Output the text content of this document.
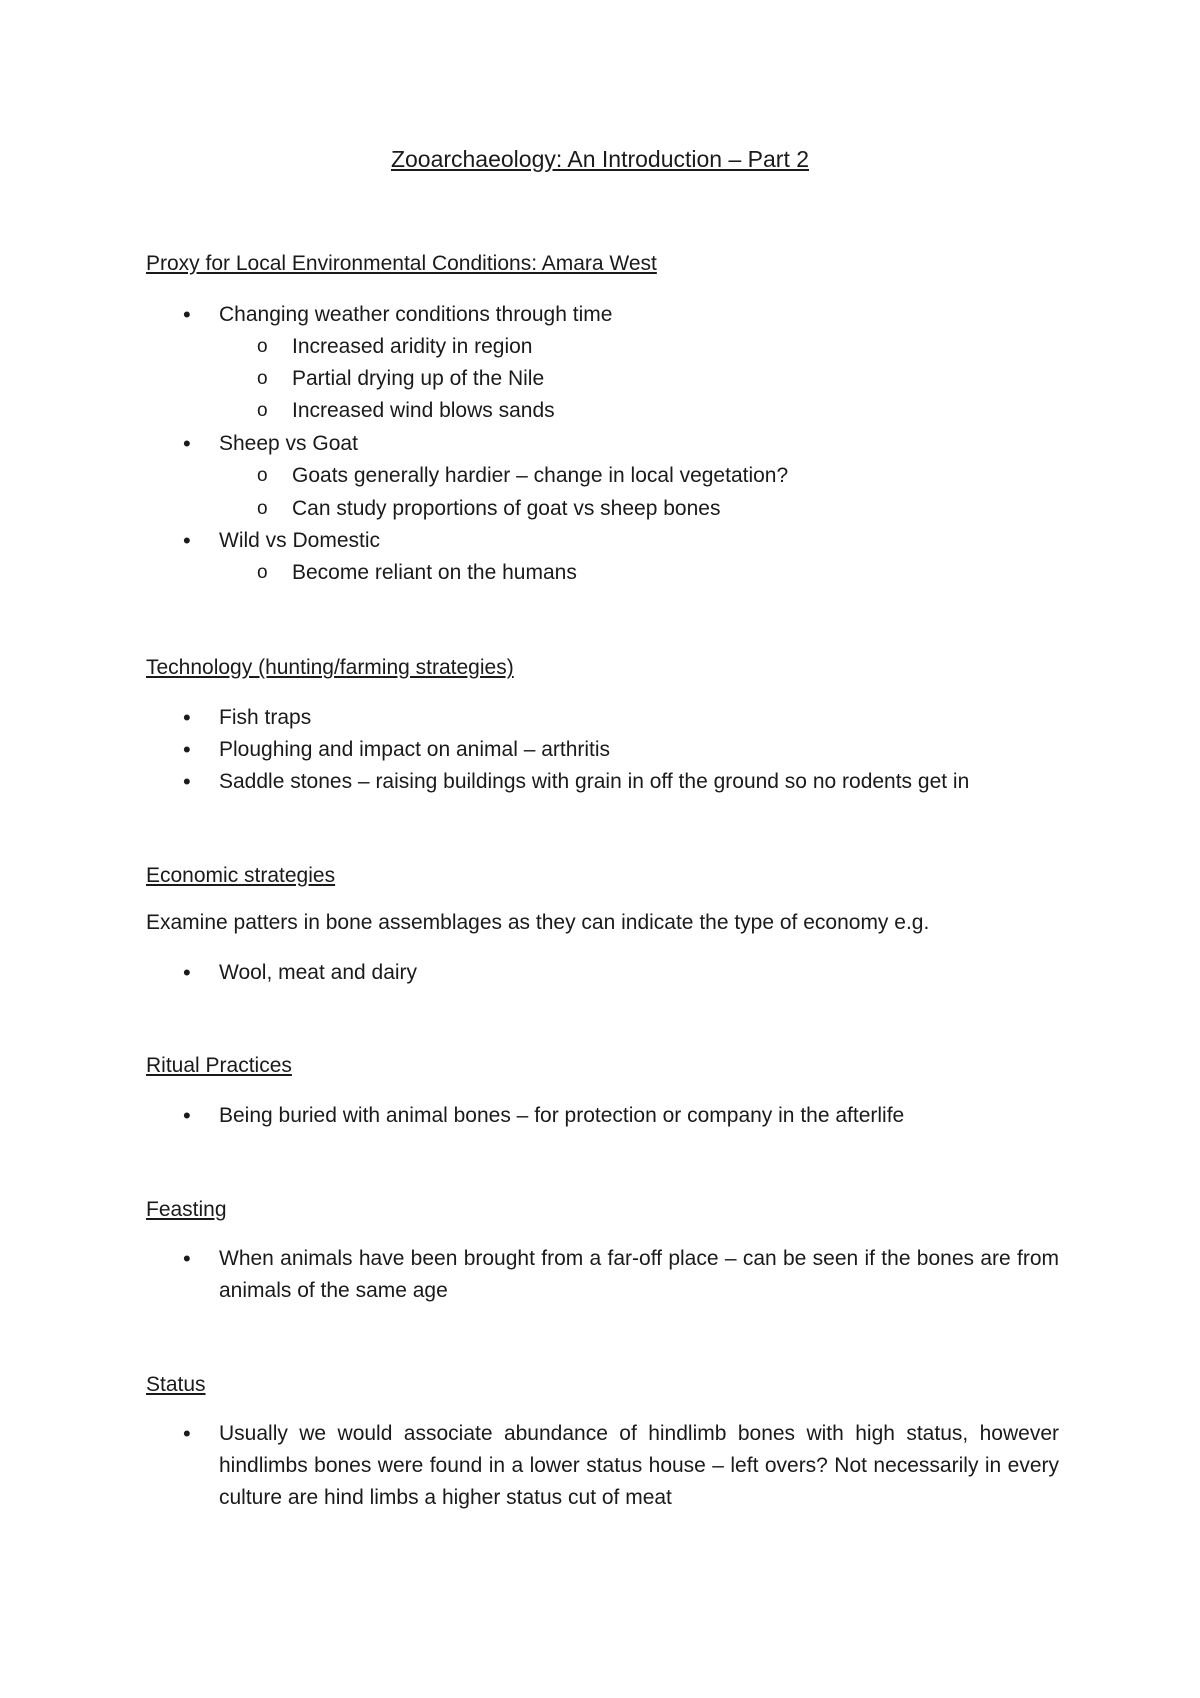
Zooarchaeology: An Introduction – Part 2
Proxy for Local Environmental Conditions: Amara West

• Changing weather conditions through time

o Increased aridity in region

o Partial drying up of the Nile

o Increased wind blows sands

• Sheep vs Goat

o Goats generally hardier – change in local vegetation?

o Can study proportions of goat vs sheep bones

• Wild vs Domestic

o Become reliant on the humans

Technology (hunting/farming strategies)

• Fish traps

• Ploughing and impact on animal – arthritis

• Saddle stones – raising buildings with grain in off the ground so no rodents get in

Economic strategies

Examine patters in bone assemblages as they can indicate the type of economy e.g.

• Wool, meat and dairy

Ritual Practices

• Being buried with animal bones – for protection or company in the afterlife

Feasting

• When animals have been brought from a far-off place – can be seen if the bones are from animals of the same age

Status

• Usually we would associate abundance of hindlimb bones with high status, however hindlimbs bones were found in a lower status house – left overs? Not necessarily in every culture are hind limbs a higher status cut of meat
